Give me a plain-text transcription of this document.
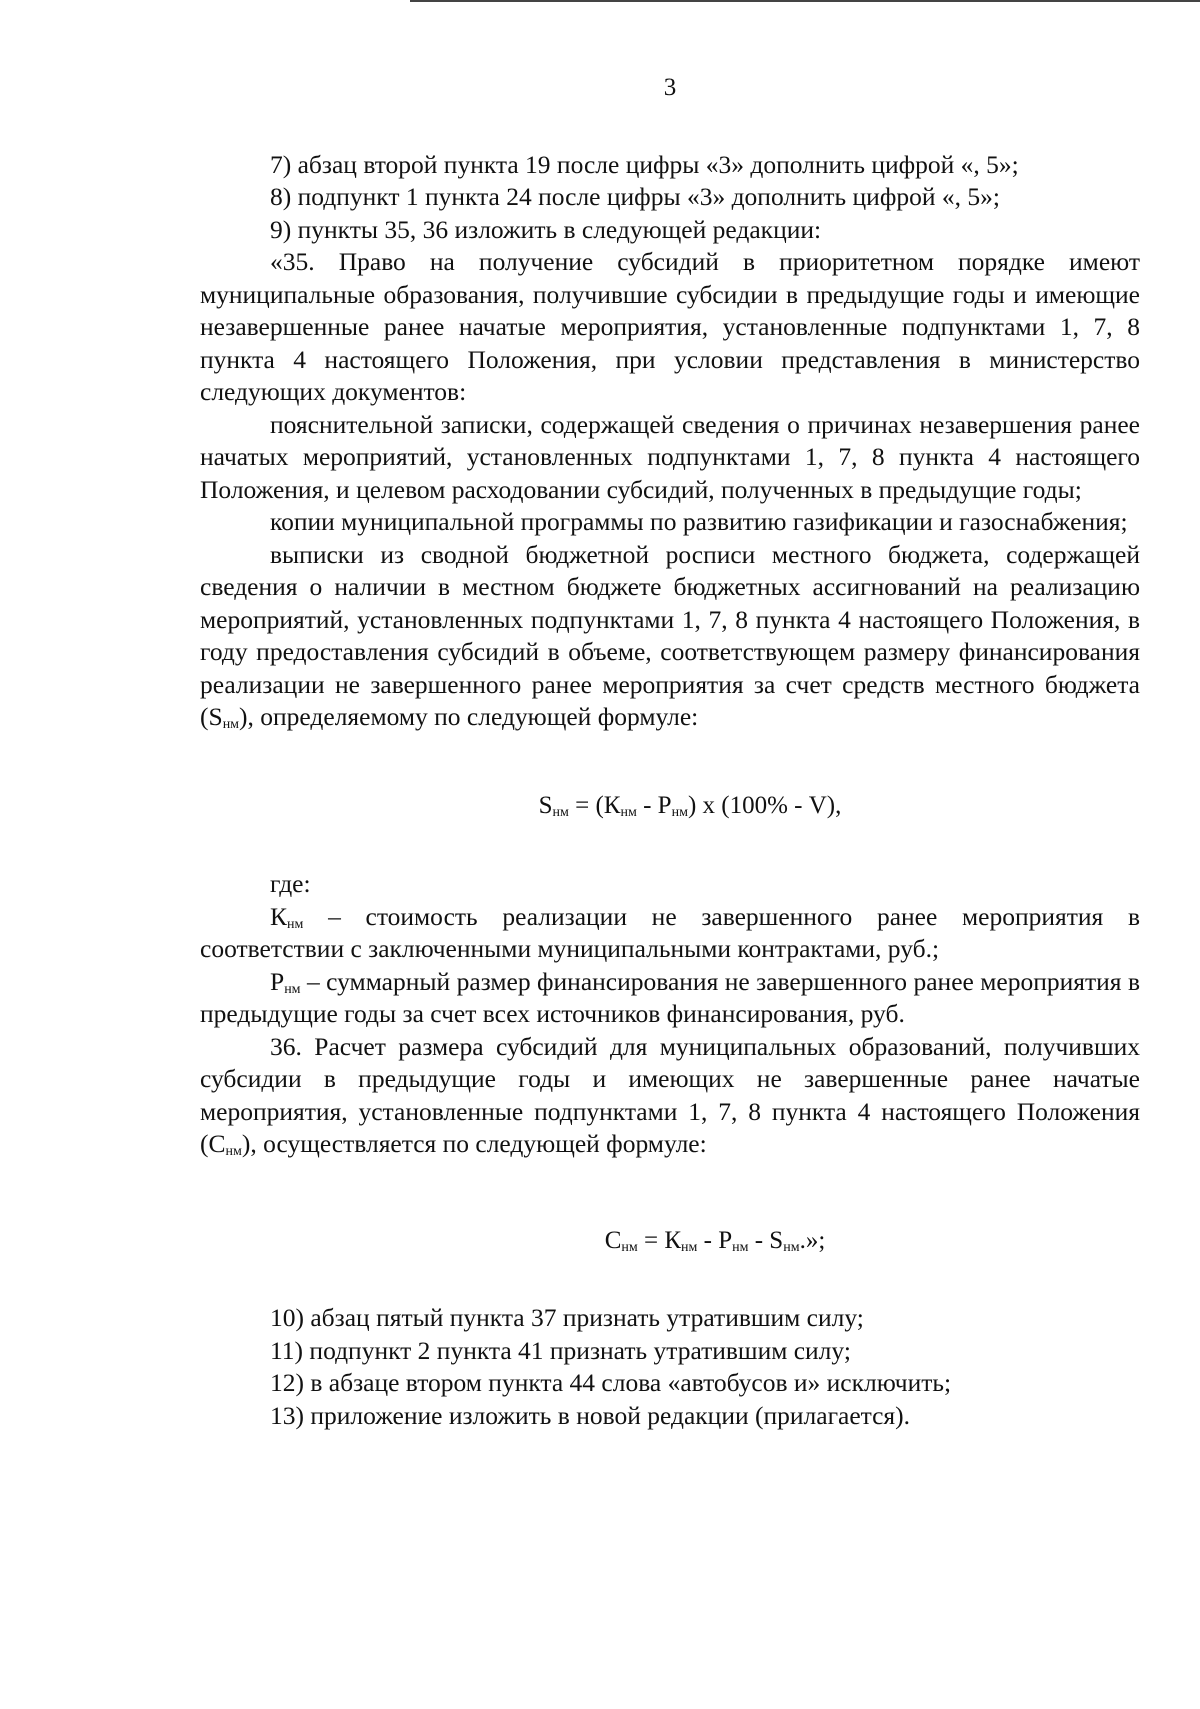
3

7) абзац второй пункта 19 после цифры «3» дополнить цифрой «, 5»;

8) подпункт 1 пункта 24 после цифры «3» дополнить цифрой «, 5»;

9) пункты 35, 36 изложить в следующей редакции:

«35. Право на получение субсидий в приоритетном порядке имеют муниципальные образования, получившие субсидии в предыдущие годы и имеющие незавершенные ранее начатые мероприятия, установленные подпунктами 1, 7, 8 пункта 4 настоящего Положения, при условии представления в министерство следующих документов:

пояснительной записки, содержащей сведения о причинах незавершения ранее начатых мероприятий, установленных подпунктами 1, 7, 8 пункта 4 настоящего Положения, и целевом расходовании субсидий, полученных в предыдущие годы;

копии муниципальной программы по развитию газификации и газоснабжения;

выписки из сводной бюджетной росписи местного бюджета, содержащей сведения о наличии в местном бюджете бюджетных ассигнований на реализацию мероприятий, установленных подпунктами 1, 7, 8 пункта 4 настоящего Положения, в году предоставления субсидий в объеме, соответствующем размеру финансирования реализации не завершенного ранее мероприятия за счет средств местного бюджета $(S_{нм})$, определяемому по следующей формуле:

$S_{нм} = (К_{нм} - Р_{нм})$ х (100% - V),

где:

$К_{нм}$ – стоимость реализации не завершенного ранее мероприятия в соответствии с заключенными муниципальными контрактами, руб.;

$Р_{нм}$ – суммарный размер финансирования не завершенного ранее мероприятия в предыдущие годы за счет всех источников финансирования, руб.

36. Расчет размера субсидий для муниципальных образований, получивших субсидии в предыдущие годы и имеющих не завершенные ранее начатые мероприятия, установленные подпунктами 1, 7, 8 пункта 4 настоящего Положения $(С_{нм})$, осуществляется по следующей формуле:

$С_{нм} = К_{нм} - Р_{нм} - S_{нм}$.»;

10) абзац пятый пункта 37 признать утратившим силу;

11) подпункт 2 пункта 41 признать утратившим силу;

12) в абзаце втором пункта 44 слова «автобусов и» исключить;

13) приложение изложить в новой редакции (прилагается).
